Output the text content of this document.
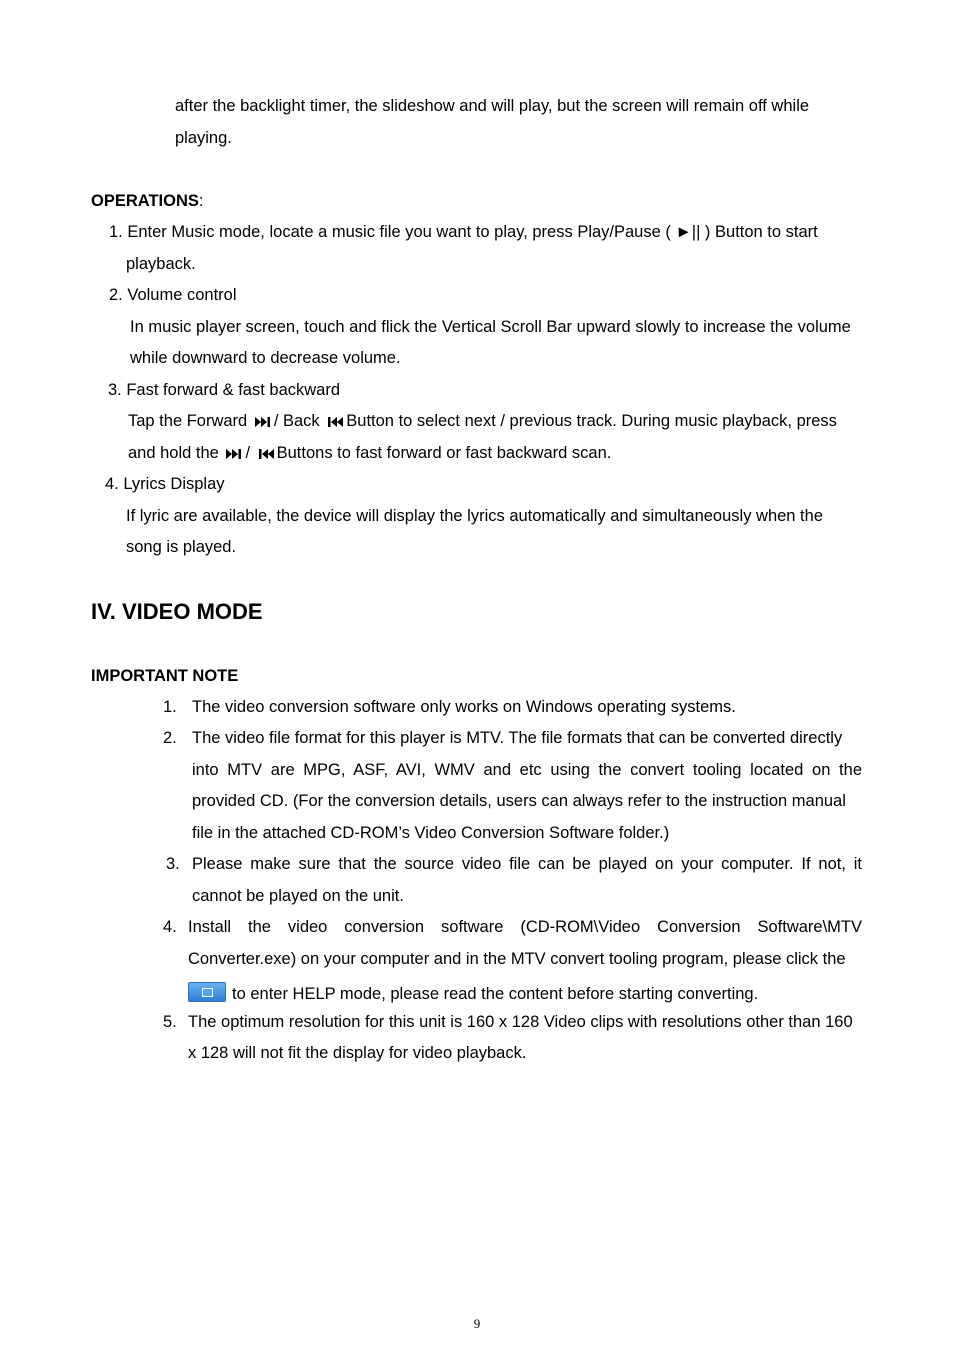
after the backlight timer, the slideshow and will play, but the screen will remain off while
playing.
OPERATIONS:
1. Enter Music mode, locate a music file you want to play, press Play/Pause ( ►|| ) Button to start
playback.
2. Volume control
In music player screen, touch and flick the Vertical Scroll Bar upward slowly to increase the volume
while downward to decrease volume.
3. Fast forward & fast backward
Tap the Forward / Back Button to select next / previous track. During music playback, press
and hold the / Buttons to fast forward or fast backward scan.
4. Lyrics Display
If lyric are available, the device will display the lyrics automatically and simultaneously when the
song is played.
IV. VIDEO MODE
IMPORTANT NOTE
1. The video conversion software only works on Windows operating systems.
2. The video file format for this player is MTV. The file formats that can be converted directly
into MTV are MPG, ASF, AVI, WMV and etc using the convert tooling located on the
provided CD. (For the conversion details, users can always refer to the instruction manual
file in the attached CD-ROM’s Video Conversion Software folder.)
3. Please make sure that the source video file can be played on your computer. If not, it
cannot be played on the unit.
4. Install the video conversion software (CD-ROM\Video Conversion Software\MTV
Converter.exe) on your computer and in the MTV convert tooling program, please click the
to enter HELP mode, please read the content before starting converting.
5. The optimum resolution for this unit is 160 x 128 Video clips with resolutions other than 160
x 128 will not fit the display for video playback.
9
